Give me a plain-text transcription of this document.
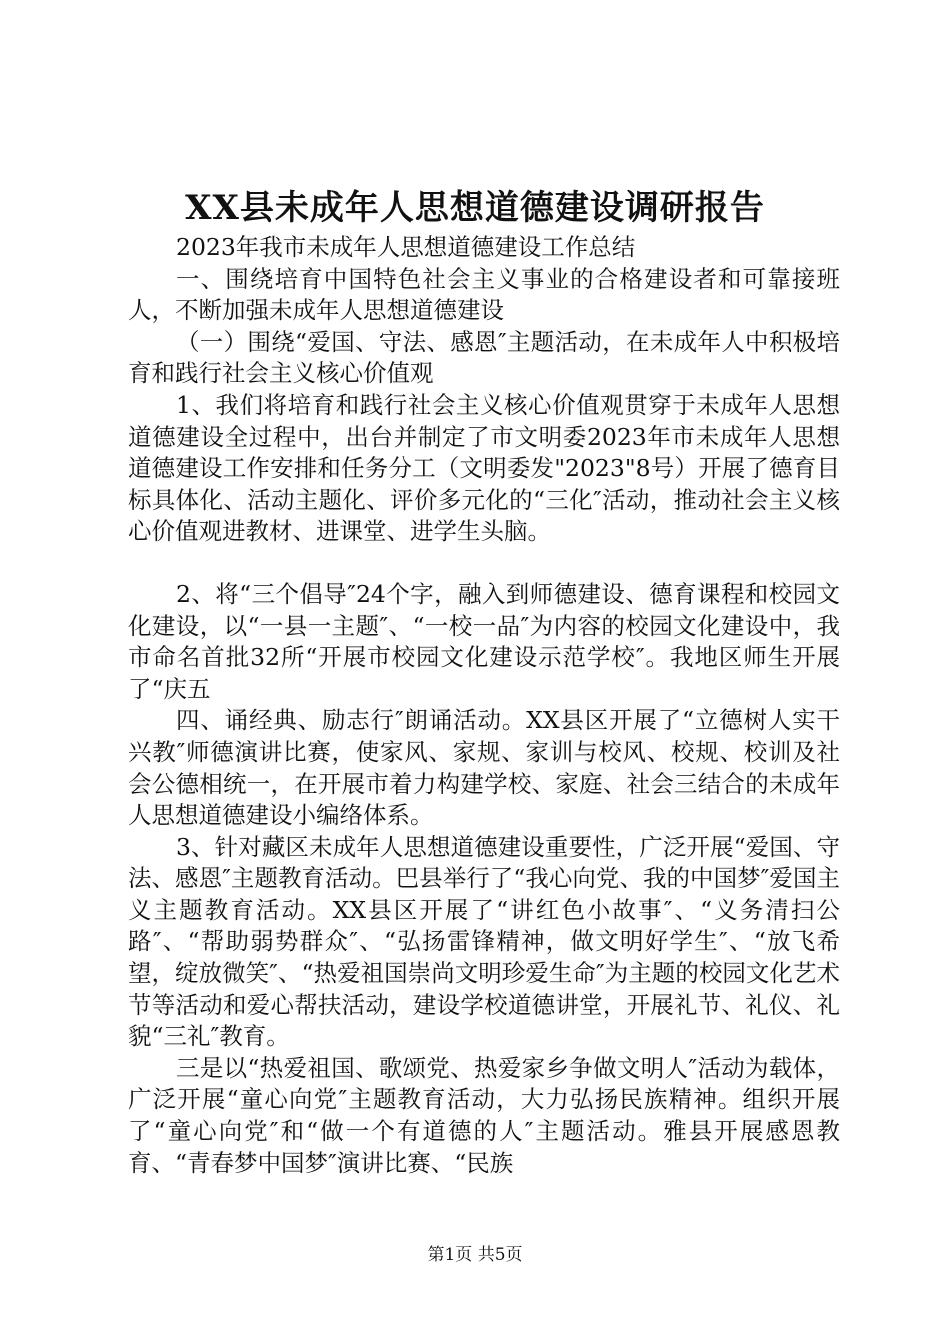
XX县未成年人思想道德建设调研报告

2023年我市未成年人思想道德建设工作总结

一、围绕培育中国特色社会主义事业的合格建设者和可靠接班人，不断加强未成年人思想道德建设

（一）围绕“爱国、守法、感恩″主题活动，在未成年人中积极培育和践行社会主义核心价值观

1、我们将培育和践行社会主义核心价值观贯穿于未成年人思想道德建设全过程中，出台并制定了市文明委2023年市未成年人思想道德建设工作安排和任务分工（文明委发"2023"8号）开展了德育目标具体化、活动主题化、评价多元化的“三化″活动，推动社会主义核心价值观进教材、进课堂、进学生头脑。

2、将“三个倡导″24个字，融入到师德建设、德育课程和校园文化建设，以“一县一主题″、“一校一品″为内容的校园文化建设中，我市命名首批32所“开展市校园文化建设示范学校″。我地区师生开展了“庆五

四、诵经典、励志行″朗诵活动。XX县区开展了“立德树人实干兴教″师德演讲比赛，使家风、家规、家训与校风、校规、校训及社会公德相统一，在开展市着力构建学校、家庭、社会三结合的未成年人思想道德建设小编络体系。

3、针对藏区未成年人思想道德建设重要性，广泛开展“爱国、守法、感恩″主题教育活动。巴县举行了“我心向党、我的中国梦″爱国主义主题教育活动。XX县区开展了“讲红色小故事″、“义务清扫公路″、“帮助弱势群众″、“弘扬雷锋精神，做文明好学生″、“放飞希望，绽放微笑″、“热爱祖国崇尚文明珍爱生命″为主题的校园文化艺术节等活动和爱心帮扶活动，建设学校道德讲堂，开展礼节、礼仪、礼貌“三礼″教育。

三是以“热爱祖国、歌颂党、热爱家乡争做文明人″活动为载体，广泛开展“童心向党″主题教育活动，大力弘扬民族精神。组织开展了“童心向党″和“做一个有道德的人″主题活动。雅县开展感恩教育、“青春梦中国梦″演讲比赛、“民族

第1页 共5页
